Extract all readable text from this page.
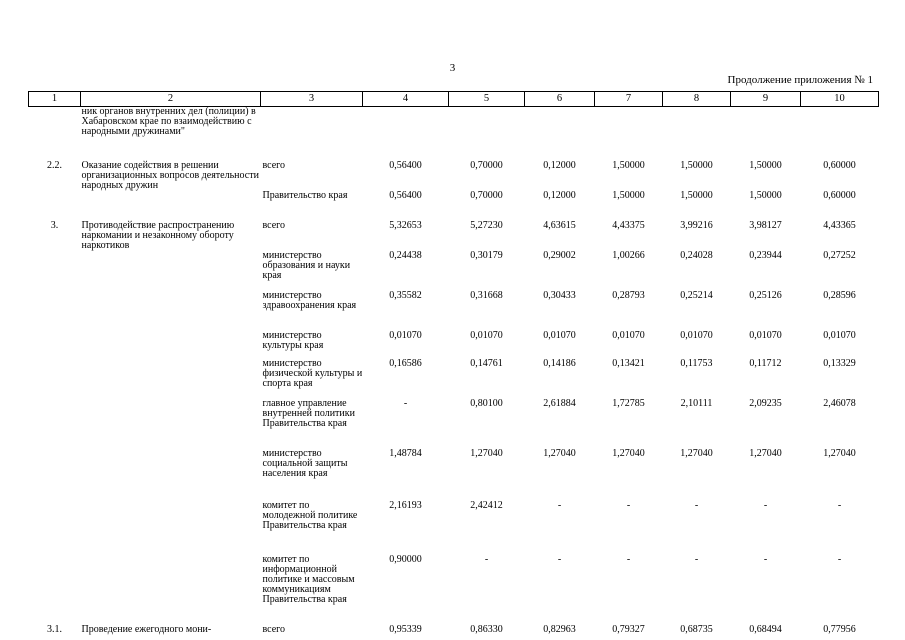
3
Продолжение приложения № 1
1	2	3	4	5	6	7	8	9	10
	ник органов внутренних дел (полиции) в Хабаровском крае по взаимодействию с народными дружинами"								

2.2.	Оказание содействия в решении организационных вопросов деятельности народных дружин	всего	0,56400	0,70000	0,12000	1,50000	1,50000	1,50000	0,60000
		Правительство края	0,56400	0,70000	0,12000	1,50000	1,50000	1,50000	0,60000

3.	Противодействие распространению наркомании и незаконному обороту наркотиков	всего	5,32653	5,27230	4,63615	4,43375	3,99216	3,98127	4,43365
		министерство образования и науки края	0,24438	0,30179	0,29002	1,00266	0,24028	0,23944	0,27252

		министерство здравоохранения края	0,35582	0,31668	0,30433	0,28793	0,25214	0,25126	0,28596

		министерство культуры края	0,01070	0,01070	0,01070	0,01070	0,01070	0,01070	0,01070

		министерство физической культуры и спорта края	0,16586	0,14761	0,14186	0,13421	0,11753	0,11712	0,13329

		главное управление внутренней политики Правительства края	-	0,80100	2,61884	1,72785	2,10111	2,09235	2,46078

		министерство социальной защиты населения края	1,48784	1,27040	1,27040	1,27040	1,27040	1,27040	1,27040

		комитет по молодежной политике Правительства края	2,16193	2,42412	-	-	-	-	-

		комитет по информационной политике и массовым коммуникациям Правительства края	0,90000	-	-	-	-	-	-

3.1.	Проведение ежегодного мони-	всего	0,95339	0,86330	0,82963	0,79327	0,68735	0,68494	0,77956
